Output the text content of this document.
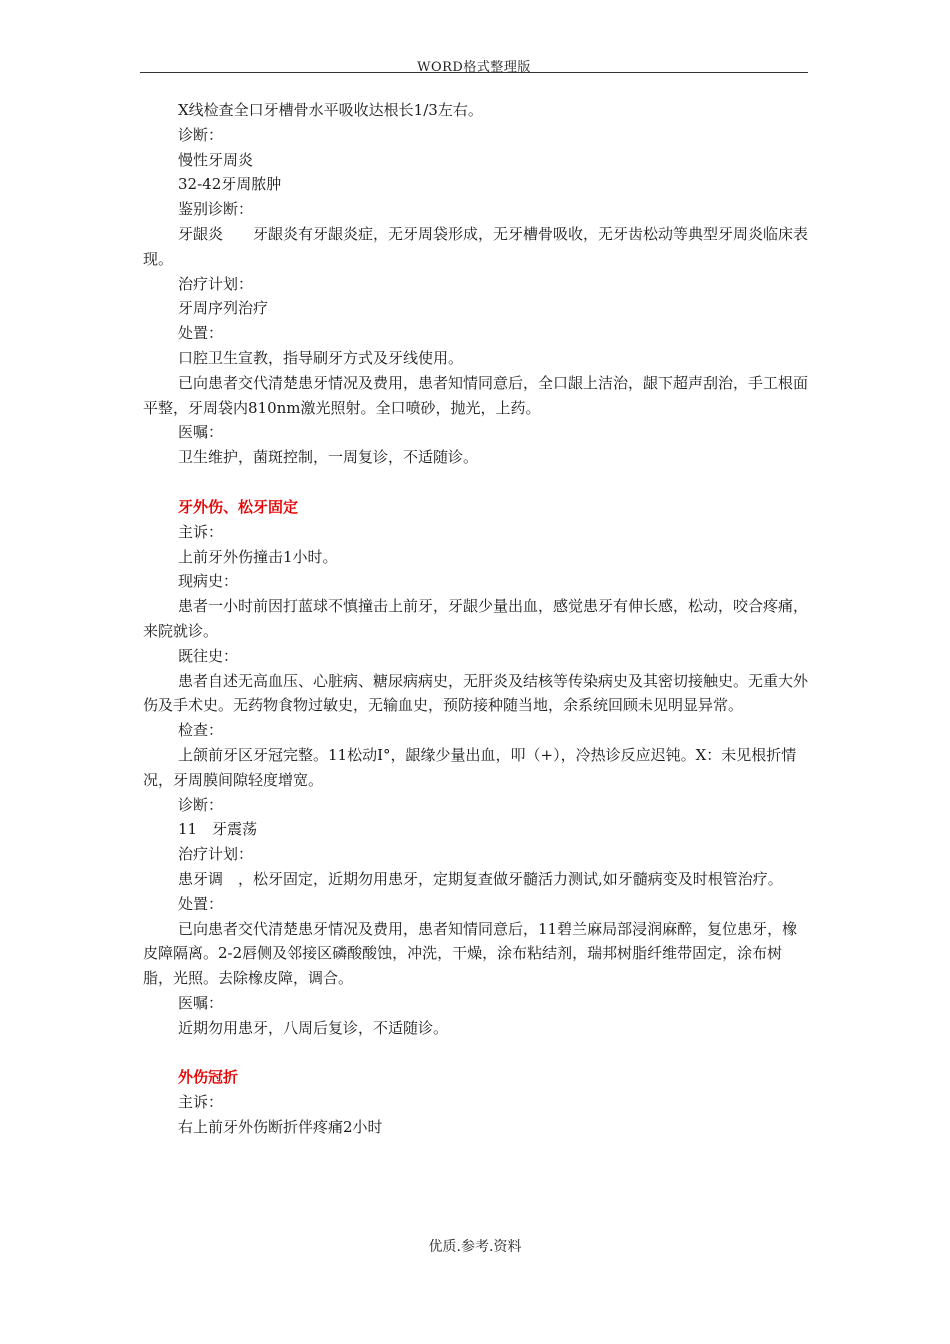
WORD格式整理版

X线检查全口牙槽骨水平吸收达根长1/3左右。

诊断：

慢性牙周炎

32-42牙周脓肿

鉴别诊断：

牙龈炎　　牙龈炎有牙龈炎症，无牙周袋形成，无牙槽骨吸收，无牙齿松动等典型牙周炎临床表现。

治疗计划：

牙周序列治疗

处置：

口腔卫生宣教，指导刷牙方式及牙线使用。

已向患者交代清楚患牙情况及费用，患者知情同意后，全口龈上洁治，龈下超声刮治，手工根面平整，牙周袋内810nm激光照射。全口喷砂，抛光，上药。

医嘱：

卫生维护，菌斑控制，一周复诊，不适随诊。

牙外伤、松牙固定

主诉：

上前牙外伤撞击1小时。

现病史：

患者一小时前因打蓝球不慎撞击上前牙，牙龈少量出血，感觉患牙有伸长感，松动，咬合疼痛，来院就诊。

既往史：

患者自述无高血压、心脏病、糖尿病病史，无肝炎及结核等传染病史及其密切接触史。无重大外伤及手术史。无药物食物过敏史，无输血史，预防接种随当地，余系统回顾未见明显异常。

检查：

上颌前牙区牙冠完整。11松动Ⅰ°，龈缘少量出血，叩（+），冷热诊反应迟钝。X：未见根折情况，牙周膜间隙轻度增宽。

诊断：

11　牙震荡

治疗计划：

患牙调　，松牙固定，近期勿用患牙，定期复查做牙髓活力测试,如牙髓病变及时根管治疗。

处置：

已向患者交代清楚患牙情况及费用，患者知情同意后，11碧兰麻局部浸润麻醉，复位患牙，橡皮障隔离。2-2唇侧及邻接区磷酸酸蚀，冲洗，干燥，涂布粘结剂，瑞邦树脂纤维带固定，涂布树脂，光照。去除橡皮障，调合。

医嘱：

近期勿用患牙，八周后复诊，不适随诊。

外伤冠折

主诉：

右上前牙外伤断折伴疼痛2小时

优质.参考.资料
